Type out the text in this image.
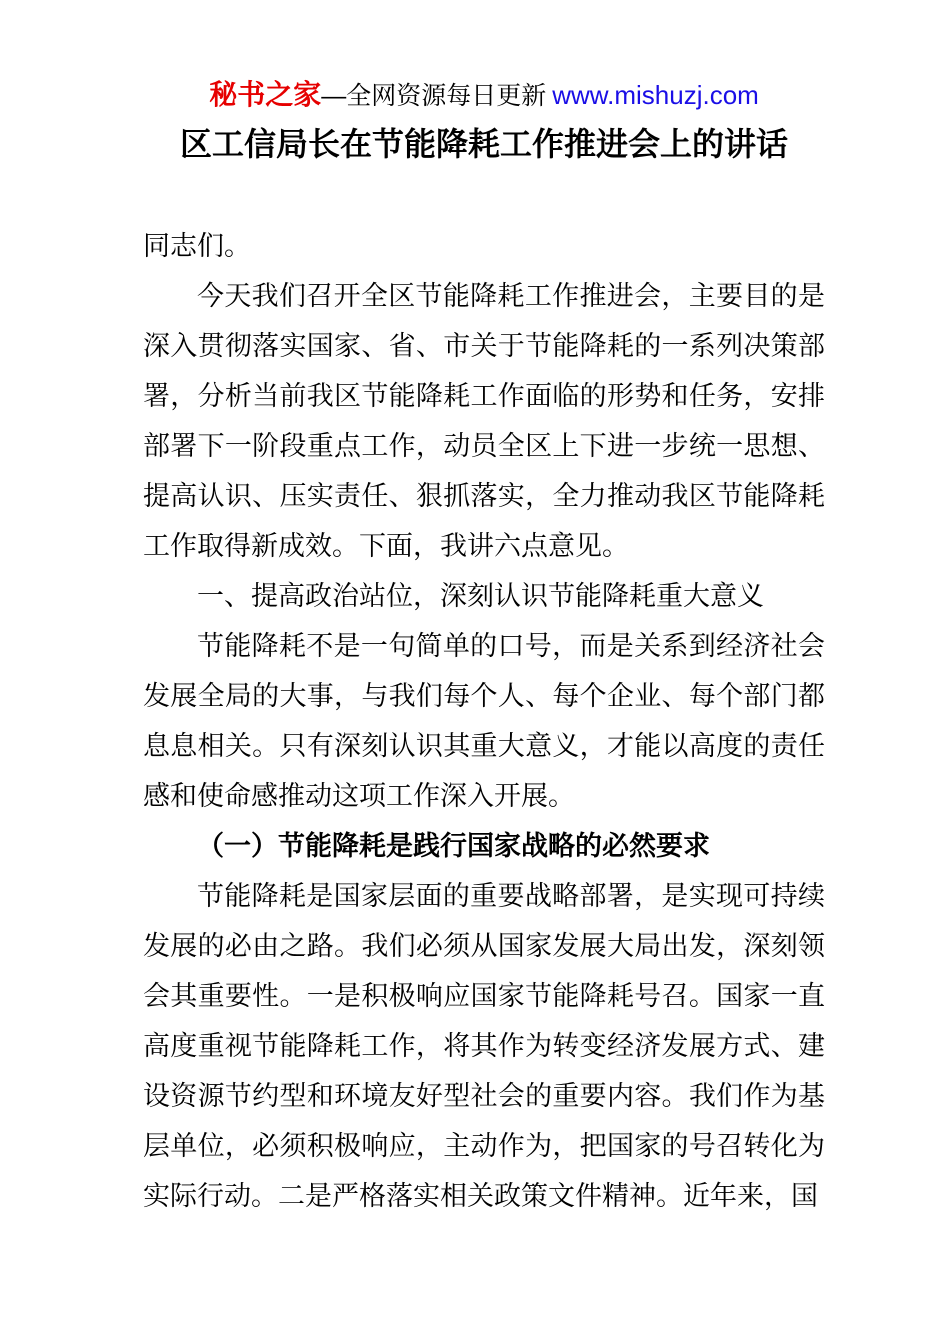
秘书之家—全网资源每日更新 www.mishuzj.com
区工信局长在节能降耗工作推进会上的讲话

同志们。

今天我们召开全区节能降耗工作推进会，主要目的是深入贯彻落实国家、省、市关于节能降耗的一系列决策部署，分析当前我区节能降耗工作面临的形势和任务，安排部署下一阶段重点工作，动员全区上下进一步统一思想、提高认识、压实责任、狠抓落实，全力推动我区节能降耗工作取得新成效。下面，我讲六点意见。

一、提高政治站位，深刻认识节能降耗重大意义

节能降耗不是一句简单的口号，而是关系到经济社会发展全局的大事，与我们每个人、每个企业、每个部门都息息相关。只有深刻认识其重大意义，才能以高度的责任感和使命感推动这项工作深入开展。

（一）节能降耗是践行国家战略的必然要求

节能降耗是国家层面的重要战略部署，是实现可持续发展的必由之路。我们必须从国家发展大局出发，深刻领会其重要性。一是积极响应国家节能降耗号召。国家一直高度重视节能降耗工作，将其作为转变经济发展方式、建设资源节约型和环境友好型社会的重要内容。我们作为基层单位，必须积极响应，主动作为，把国家的号召转化为实际行动。二是严格落实相关政策文件精神。近年来，国
